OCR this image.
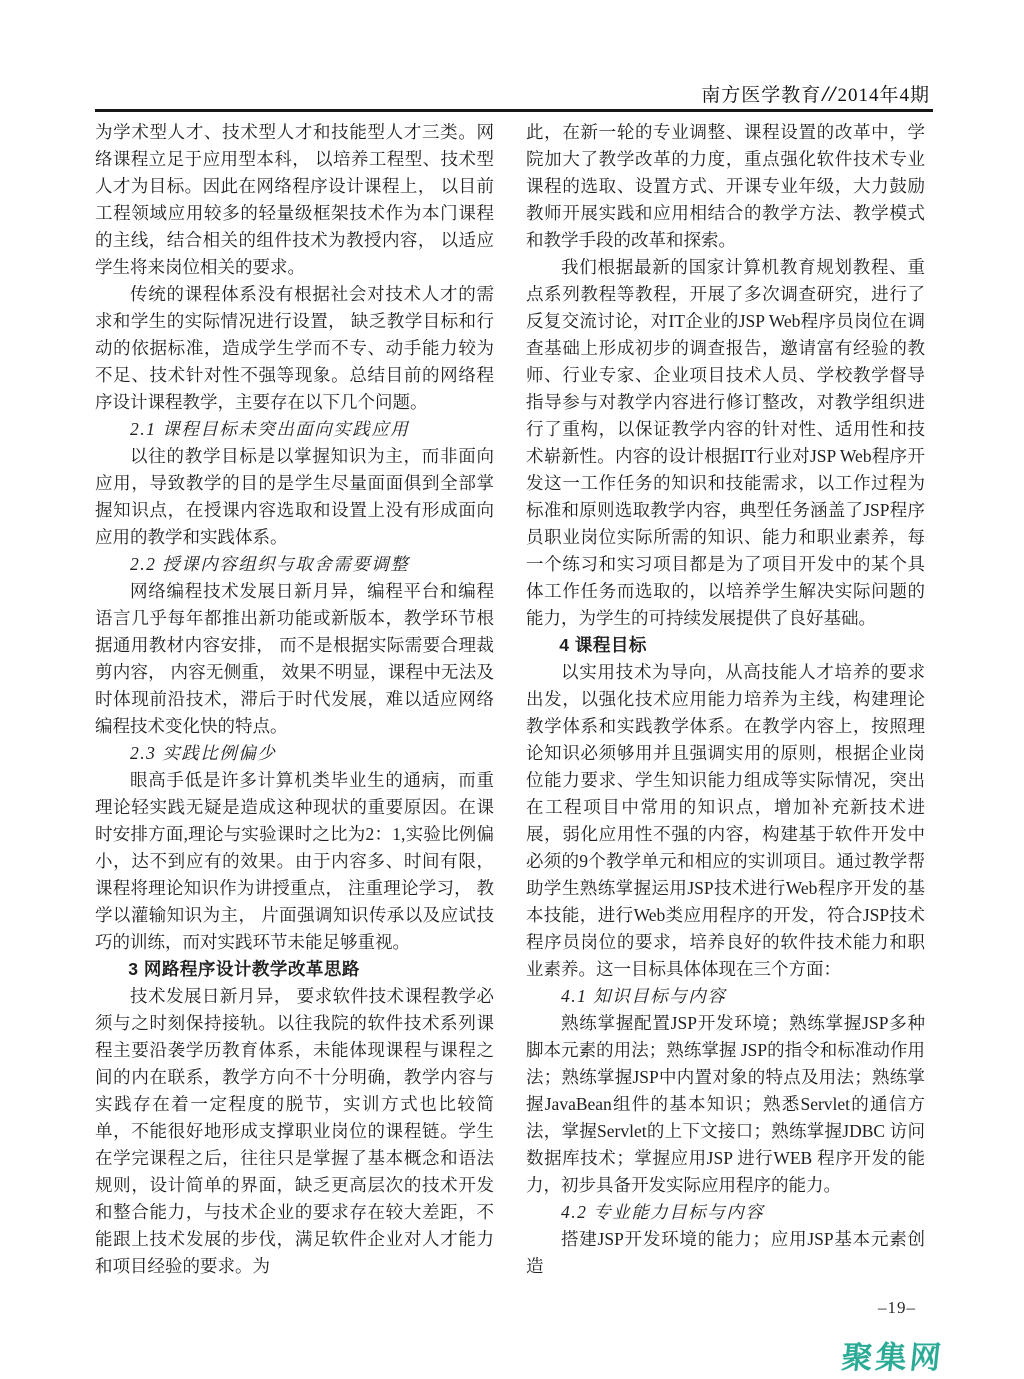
南方医学教育//2014年4期

为学术型人才、技术型人才和技能型人才三类。网络课程立足于应用型本科， 以培养工程型、技术型人才为目标。因此在网络程序设计课程上， 以目前工程领域应用较多的轻量级框架技术作为本门课程的主线，结合相关的组件技术为教授内容， 以适应学生将来岗位相关的要求。

传统的课程体系没有根据社会对技术人才的需求和学生的实际情况进行设置， 缺乏教学目标和行动的依据标准，造成学生学而不专、动手能力较为不足、技术针对性不强等现象。总结目前的网络程序设计课程教学，主要存在以下几个问题。

2.1 课程目标未突出面向实践应用

以往的教学目标是以掌握知识为主，而非面向应用，导致教学的目的是学生尽量面面俱到全部掌握知识点，在授课内容选取和设置上没有形成面向应用的教学和实践体系。

2.2 授课内容组织与取舍需要调整

网络编程技术发展日新月异，编程平台和编程语言几乎每年都推出新功能或新版本，教学环节根据通用教材内容安排， 而不是根据实际需要合理裁剪内容， 内容无侧重， 效果不明显，课程中无法及时体现前沿技术，滞后于时代发展，难以适应网络编程技术变化快的特点。

2.3 实践比例偏少

眼高手低是许多计算机类毕业生的通病，而重理论轻实践无疑是造成这种现状的重要原因。在课时安排方面,理论与实验课时之比为2：1,实验比例偏小，达不到应有的效果。由于内容多、时间有限， 课程将理论知识作为讲授重点， 注重理论学习， 教学以灌输知识为主， 片面强调知识传承以及应试技巧的训练，而对实践环节未能足够重视。

3 网路程序设计教学改革思路

技术发展日新月异， 要求软件技术课程教学必须与之时刻保持接轨。以往我院的软件技术系列课程主要沿袭学历教育体系，未能体现课程与课程之间的内在联系，教学方向不十分明确，教学内容与实践存在着一定程度的脱节，实训方式也比较简单，不能很好地形成支撑职业岗位的课程链。学生在学完课程之后，往往只是掌握了基本概念和语法规则，设计简单的界面，缺乏更高层次的技术开发和整合能力，与技术企业的要求存在较大差距，不能跟上技术发展的步伐，满足软件企业对人才能力和项目经验的要求。为

此，在新一轮的专业调整、课程设置的改革中，学院加大了教学改革的力度，重点强化软件技术专业课程的选取、设置方式、开课专业年级，大力鼓励教师开展实践和应用相结合的教学方法、教学模式和教学手段的改革和探索。

我们根据最新的国家计算机教育规划教程、重点系列教程等教程，开展了多次调查研究，进行了反复交流讨论，对IT企业的JSP Web程序员岗位在调查基础上形成初步的调查报告，邀请富有经验的教师、行业专家、企业项目技术人员、学校教学督导指导参与对教学内容进行修订整改，对教学组织进行了重构，以保证教学内容的针对性、适用性和技术崭新性。内容的设计根据IT行业对JSP Web程序开发这一工作任务的知识和技能需求，以工作过程为标准和原则选取教学内容，典型任务涵盖了JSP程序员职业岗位实际所需的知识、能力和职业素养，每一个练习和实习项目都是为了项目开发中的某个具体工作任务而选取的，以培养学生解决实际问题的能力，为学生的可持续发展提供了良好基础。

4 课程目标

以实用技术为导向，从高技能人才培养的要求出发，以强化技术应用能力培养为主线，构建理论教学体系和实践教学体系。在教学内容上，按照理论知识必须够用并且强调实用的原则，根据企业岗位能力要求、学生知识能力组成等实际情况，突出在工程项目中常用的知识点，增加补充新技术进展，弱化应用性不强的内容，构建基于软件开发中必须的9个教学单元和相应的实训项目。通过教学帮助学生熟练掌握运用JSP技术进行Web程序开发的基本技能，进行Web类应用程序的开发，符合JSP技术程序员岗位的要求，培养良好的软件技术能力和职业素养。这一目标具体体现在三个方面：

4.1 知识目标与内容

熟练掌握配置JSP开发环境；熟练掌握JSP多种脚本元素的用法；熟练掌握 JSP的指令和标准动作用法；熟练掌握JSP中内置对象的特点及用法；熟练掌握JavaBean组件的基本知识；熟悉Servlet的通信方法，掌握Servlet的上下文接口；熟练掌握JDBC 访问数据库技术；掌握应用JSP 进行WEB 程序开发的能力，初步具备开发实际应用程序的能力。

4.2 专业能力目标与内容

搭建JSP开发环境的能力；应用JSP基本元素创造

–19–
聚集网
